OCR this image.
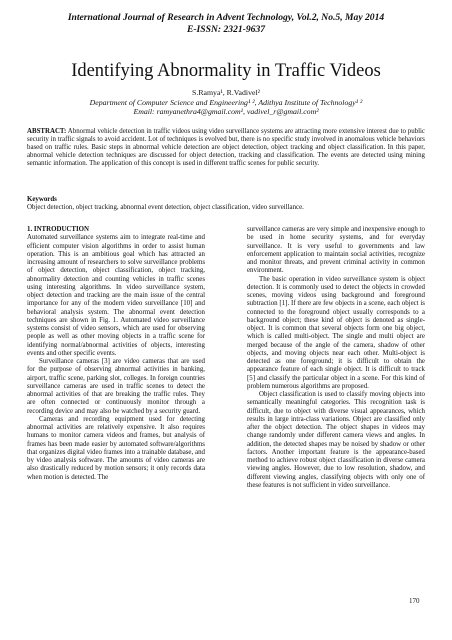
International Journal of Research in Advent Technology, Vol.2, No.5, May 2014
E-ISSN: 2321-9637
Identifying Abnormality in Traffic Videos
S.Ramya¹, R.Vadivel²
Department of Computer Science and Engineering¹ ², Adithya Institute of Technology¹ ²
Email: ramyanethra4@gmail.com¹, vadivel_r@gmail.com²
ABSTRACT: Abnormal vehicle detection in traffic videos using video surveillance systems are attracting more extensive interest due to public security in traffic signals to avoid accident. Lot of techniques is evolved but, there is no specific study involved in anomalous vehicle behaviors based on traffic rules. Basic steps in abnormal vehicle detection are object detection, object tracking and object classification. In this paper, abnormal vehicle detection techniques are discussed for object detection, tracking and classification. The events are detected using mining semantic information. The application of this concept is used in different traffic scenes for public security.
Keywords
Object detection, object tracking, abnormal event detection, object classification, video surveillance.

1. INTRODUCTION

Automated surveillance systems aim to integrate real-time and efficient computer vision algorithms in order to assist human operation. This is an ambitious goal which has attracted an increasing amount of researchers to solve surveillance problems of object detection, object classification, object tracking, abnormality detection and counting vehicles in traffic scenes using interesting algorithms. In video surveillance system, object detection and tracking are the main issue of the central importance for any of the modern video surveillance [10] and behavioral analysis system. The abnormal event detection techniques are shown in Fig. 1. Automated video surveillance systems consist of video sensors, which are used for observing people as well as other moving objects in a traffic scene for identifying normal/abnormal activities of objects, interesting events and other specific events.

Surveillance cameras [3] are video cameras that are used for the purpose of observing abnormal activities in banking, airport, traffic scene, parking slot, colleges. In foreign countries surveillance cameras are used in traffic scenes to detect the abnormal activities of that are breaking the traffic rules. They are often connected or continuously monitor through a recording device and may also be watched by a security guard.

Cameras and recording equipment used for detecting abnormal activities are relatively expensive. It also requires humans to monitor camera videos and frames, but analysis of frames has been made easier by automated software/algorithms that organizes digital video frames into a trainable database, and by video analysis software. The amounts of video cameras are also drastically reduced by motion sensors; it only records data when motion is detected. The

surveillance cameras are very simple and inexpensive enough to be used in home security systems, and for everyday surveillance. It is very useful to governments and law enforcement application to maintain social activities, recognize and monitor threats, and prevent criminal activity in common environment.

The basic operation in video surveillance system is object detection. It is commonly used to detect the objects in crowded scenes, moving videos using background and foreground subtraction [1]. If there are few objects in a scene, each object is connected to the foreground object usually corresponds to a background object; these kind of object is denoted as single-object. It is common that several objects form one big object, which is called multi-object. The single and multi object are merged because of the angle of the camera, shadow of other objects, and moving objects near each other. Multi-object is detected as one foreground; it is difficult to obtain the appearance feature of each single object. It is difficult to track [5] and classify the particular object in a scene. For this kind of problem numerous algorithms are proposed.

Object classification is used to classify moving objects into semantically meaningful categories. This recognition task is difficult, due to object with diverse visual appearances, which results in large intra-class variations. Object are classified only after the object detection. The object shapes in videos may change randomly under different camera views and angles. In addition, the detected shapes may be noised by shadow or other factors. Another important feature is the appearance-based method to achieve robust object classification in diverse camera viewing angles. However, due to low resolution, shadow, and different viewing angles, classifying objects with only one of these features is not sufficient in video surveillance.

170
